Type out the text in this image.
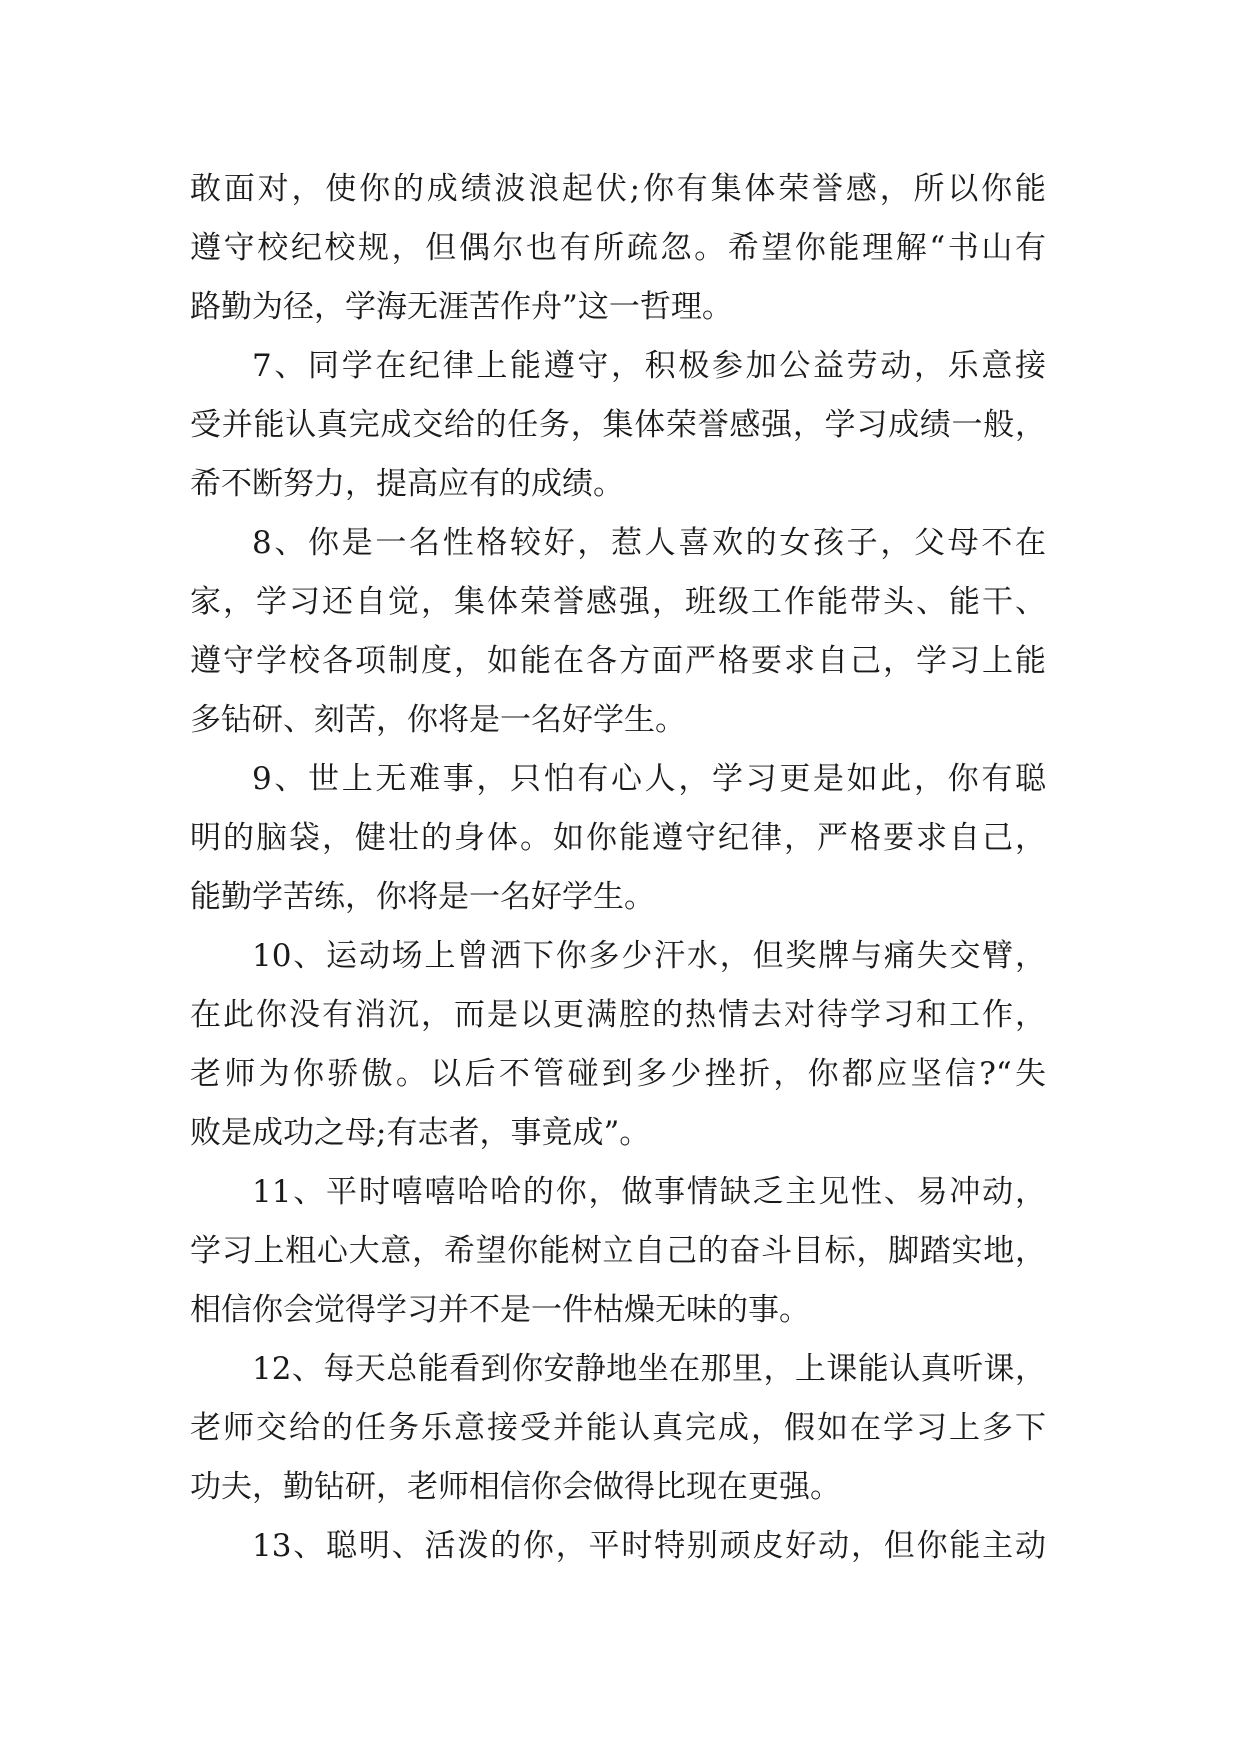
敢面对，使你的成绩波浪起伏;你有集体荣誉感，所以你能
遵守校纪校规，但偶尔也有所疏忽。希望你能理解“书山有
路勤为径，学海无涯苦作舟”这一哲理。
7、同学在纪律上能遵守，积极参加公益劳动，乐意接
受并能认真完成交给的任务，集体荣誉感强，学习成绩一般，
希不断努力，提高应有的成绩。
8、你是一名性格较好，惹人喜欢的女孩子，父母不在
家，学习还自觉，集体荣誉感强，班级工作能带头、能干、
遵守学校各项制度，如能在各方面严格要求自己，学习上能
多钻研、刻苦，你将是一名好学生。
9、世上无难事，只怕有心人，学习更是如此，你有聪
明的脑袋，健壮的身体。如你能遵守纪律，严格要求自己，
能勤学苦练，你将是一名好学生。
10、运动场上曾洒下你多少汗水，但奖牌与痛失交臂，
在此你没有消沉，而是以更满腔的热情去对待学习和工作，
老师为你骄傲。以后不管碰到多少挫折，你都应坚信?“失
败是成功之母;有志者，事竟成”。
11、平时嘻嘻哈哈的你，做事情缺乏主见性、易冲动，
学习上粗心大意，希望你能树立自己的奋斗目标，脚踏实地，
相信你会觉得学习并不是一件枯燥无味的事。
12、每天总能看到你安静地坐在那里，上课能认真听课，
老师交给的任务乐意接受并能认真完成，假如在学习上多下
功夫，勤钻研，老师相信你会做得比现在更强。
13、聪明、活泼的你，平时特别顽皮好动，但你能主动
